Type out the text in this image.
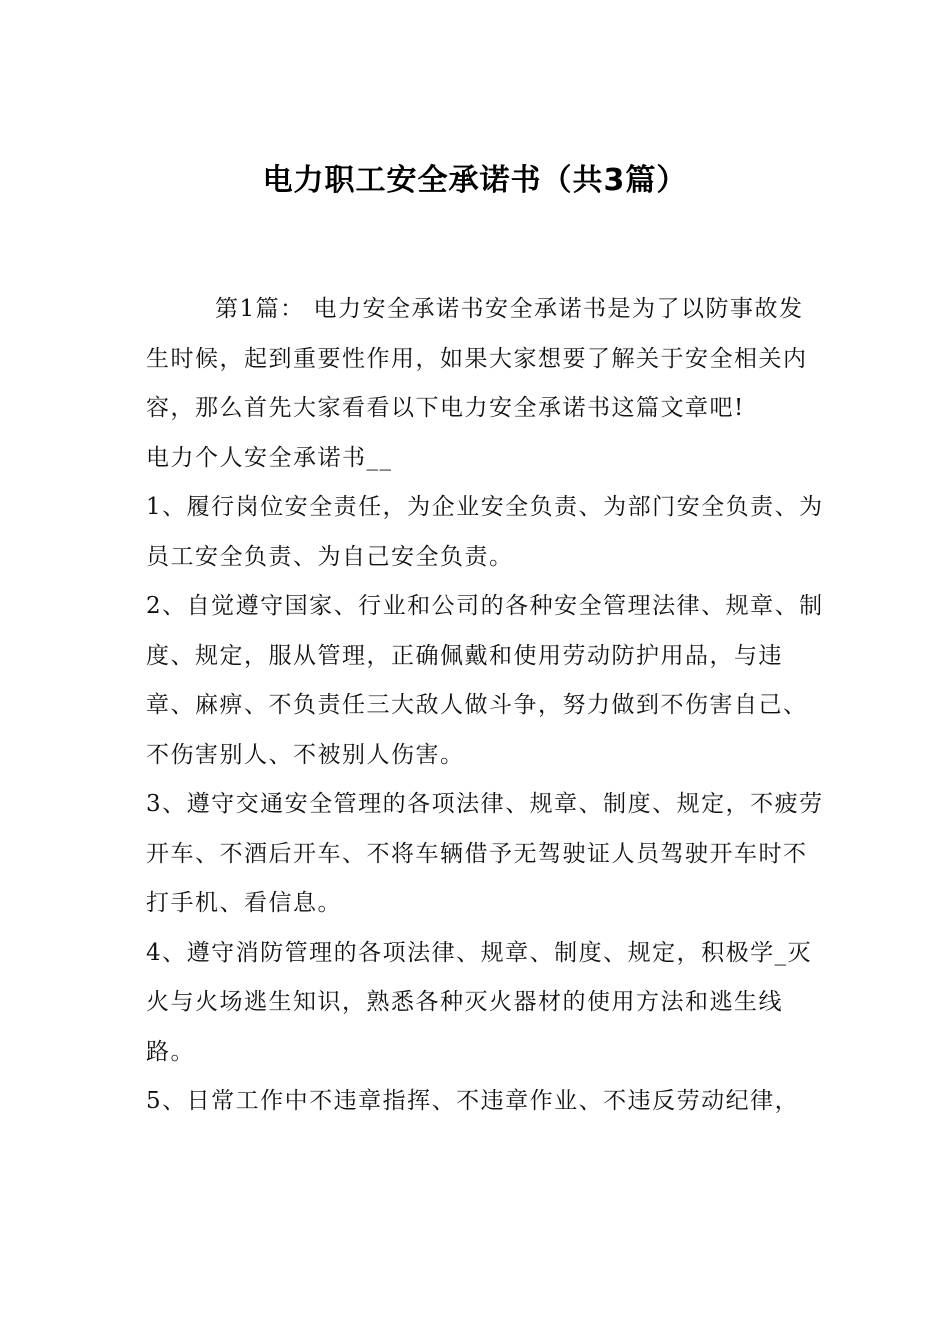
电力职工安全承诺书（共3篇）

第1篇： 电力安全承诺书安全承诺书是为了以防事故发生时候，起到重要性作用，如果大家想要了解关于安全相关内容，那么首先大家看看以下电力安全承诺书这篇文章吧!

电力个人安全承诺书__

1、履行岗位安全责任，为企业安全负责、为部门安全负责、为员工安全负责、为自己安全负责。

2、自觉遵守国家、行业和公司的各种安全管理法律、规章、制度、规定，服从管理，正确佩戴和使用劳动防护用品，与违章、麻痹、不负责任三大敌人做斗争，努力做到不伤害自己、不伤害别人、不被别人伤害。

3、遵守交通安全管理的各项法律、规章、制度、规定，不疲劳开车、不酒后开车、不将车辆借予无驾驶证人员驾驶开车时不打手机、看信息。

4、遵守消防管理的各项法律、规章、制度、规定，积极学_灭火与火场逃生知识，熟悉各种灭火器材的使用方法和逃生线路。

5、日常工作中不违章指挥、不违章作业、不违反劳动纪律，
